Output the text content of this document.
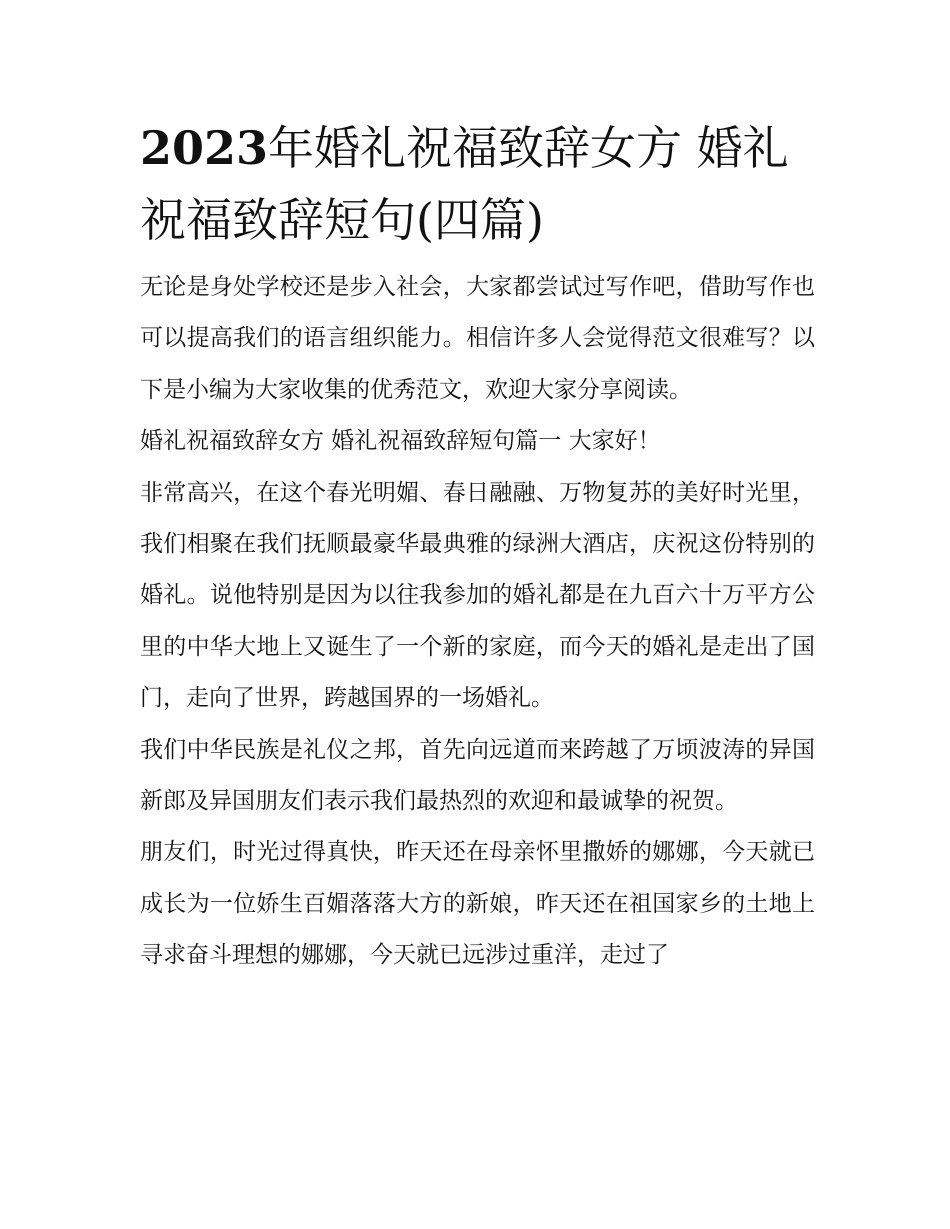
2023年婚礼祝福致辞女方 婚礼祝福致辞短句(四篇)

无论是身处学校还是步入社会，大家都尝试过写作吧，借助写作也可以提高我们的语言组织能力。相信许多人会觉得范文很难写？以下是小编为大家收集的优秀范文，欢迎大家分享阅读。

婚礼祝福致辞女方 婚礼祝福致辞短句篇一 大家好！

非常高兴，在这个春光明媚、春日融融、万物复苏的美好时光里，我们相聚在我们抚顺最豪华最典雅的绿洲大酒店，庆祝这份特别的婚礼。说他特别是因为以往我参加的婚礼都是在九百六十万平方公里的中华大地上又诞生了一个新的家庭，而今天的婚礼是走出了国门，走向了世界，跨越国界的一场婚礼。

我们中华民族是礼仪之邦，首先向远道而来跨越了万顷波涛的异国新郎及异国朋友们表示我们最热烈的欢迎和最诚挚的祝贺。

朋友们，时光过得真快，昨天还在母亲怀里撒娇的娜娜，今天就已成长为一位娇生百媚落落大方的新娘，昨天还在祖国家乡的土地上寻求奋斗理想的娜娜，今天就已远涉过重洋，走过了
